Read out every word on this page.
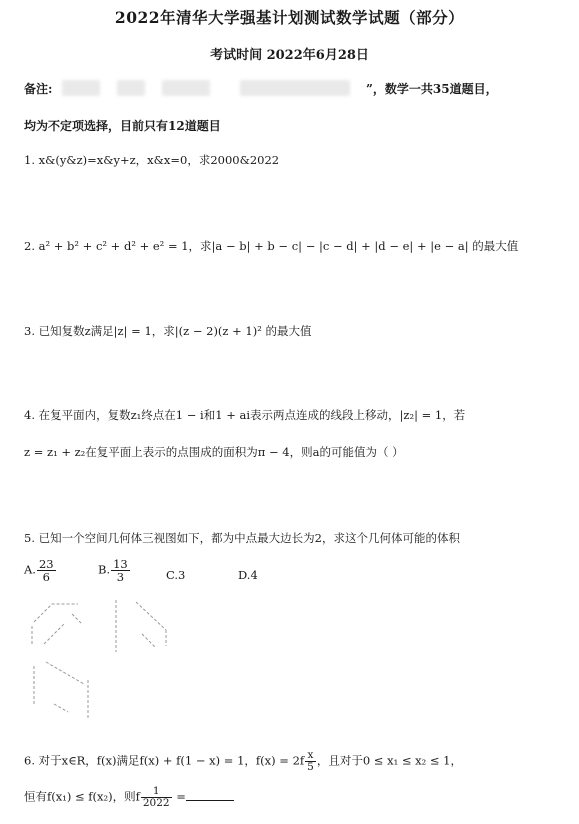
2022年清华大学强基计划测试数学试题（部分）
考试时间 2022年6月28日
备注:	”，数学一共35道题目，
均为不定项选择，目前只有12道题目
1. x&(y&z)=x&y+z，x&x=0，求2000&2022
2. a² + b² + c² + d² + e² = 1，求|a − b| + b − c| − |c − d| + |d − e| + |e − a| 的最大值
3. 已知复数z满足|z| = 1，求|(z − 2)(z + 1)² 的最大值
4. 在复平面内，复数z₁终点在1 − i和1 + ai表示两点连成的线段上移动，|z₂| = 1，若
z = z₁ + z₂在复平面上表示的点围成的面积为π − 4，则a的可能值为（ ）
5. 已知一个空间几何体三视图如下，都为中点最大边长为2，求这个几何体可能的体积
A. $\frac{23}{6}$	B. $\frac{13}{3}$	C.3	D.4
6. 对于x∈R，f(x)满足f(x) + f(1 − x) = 1，$f(x) = 2f \frac{x}{5}$ ，且对于0 ≤ x₁ ≤ x₂ ≤ 1，
恒有f(x₁) ≤ f(x₂)，则f $\frac{1}{2022}$ =
